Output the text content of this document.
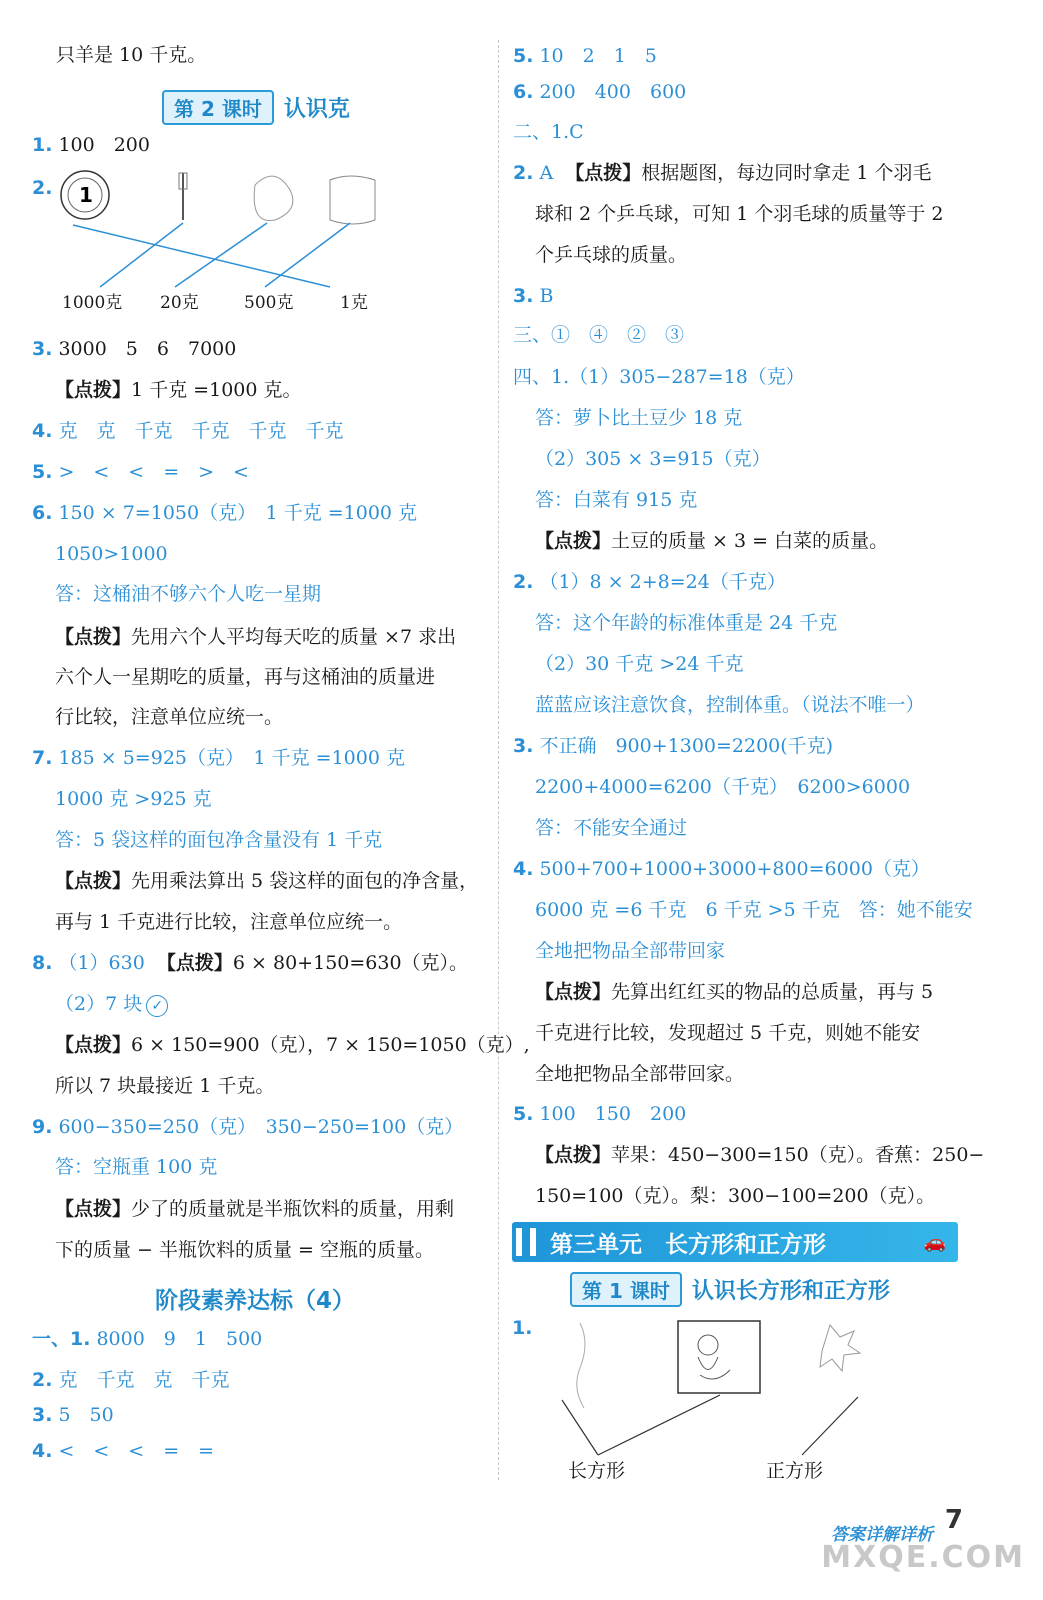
只羊是 10 千克。
第 2 课时	认识克
1. 100　200
2.	1
1000克 20克	500克	1克
3. 3000　5　6　7000
【点拨】1 千克 =1000 克。
4. 克　克　千克　千克　千克　千克
5. >　<　<　=　>　<
6. 150 × 7=1050（克）　1 千克 =1000 克
1050>1000
答：这桶油不够六个人吃一星期
【点拨】先用六个人平均每天吃的质量 ×7 求出
六个人一星期吃的质量，再与这桶油的质量进
行比较，注意单位应统一。
7. 185 × 5=925（克）　1 千克 =1000 克
1000 克 >925 克
答：5 袋这样的面包净含量没有 1 千克
【点拨】先用乘法算出 5 袋这样的面包的净含量，
再与 1 千克进行比较，注意单位应统一。
8. （1）630 【点拨】6 × 80+150=630（克）。
（2）7 块 ✓
【点拨】6 × 150=900（克），7 × 150=1050（克）,
所以 7 块最接近 1 千克。
9. 600−350=250（克）　350−250=100（克）
答：空瓶重 100 克
【点拨】少了的质量就是半瓶饮料的质量，用剩
下的质量 − 半瓶饮料的质量 = 空瓶的质量。
阶段素养达标（4）
一、1. 8000　9　1　500
2. 克　千克　克　千克
3. 5　50
4. <　<　<　=　=
5. 10　2　1　5
6. 200　400　600
二、1.C
2. A 【点拨】根据题图，每边同时拿走 1 个羽毛
球和 2 个乒乓球，可知 1 个羽毛球的质量等于 2
个乒乓球的质量。
3. B
三、①　④　②　③
四、1.（1）305−287=18（克）
答：萝卜比土豆少 18 克
（2）305 × 3=915（克）
答：白菜有 915 克
【点拨】土豆的质量 × 3 = 白菜的质量。
2. （1）8 × 2+8=24（千克）
答：这个年龄的标准体重是 24 千克
（2）30 千克 >24 千克
蓝蓝应该注意饮食，控制体重。（说法不唯一）
3. 不正确　900+1300=2200(千克)
2200+4000=6200（千克）　6200>6000
答：不能安全通过
4. 500+700+1000+3000+800=6000（克）
6000 克 =6 千克　6 千克 >5 千克　答：她不能安
全地把物品全部带回家
【点拨】先算出红红买的物品的总质量，再与 5
千克进行比较，发现超过 5 千克，则她不能安
全地把物品全部带回家。
5. 100　150　200
【点拨】苹果：450−300=150（克）。香蕉：250−
150=100（克）。梨：300−100=200（克）。
第三单元　长方形和正方形	🚗
第 1 课时	认识长方形和正方形
1.
长方形	正方形
答案详解详析 7
MXQE.COM
